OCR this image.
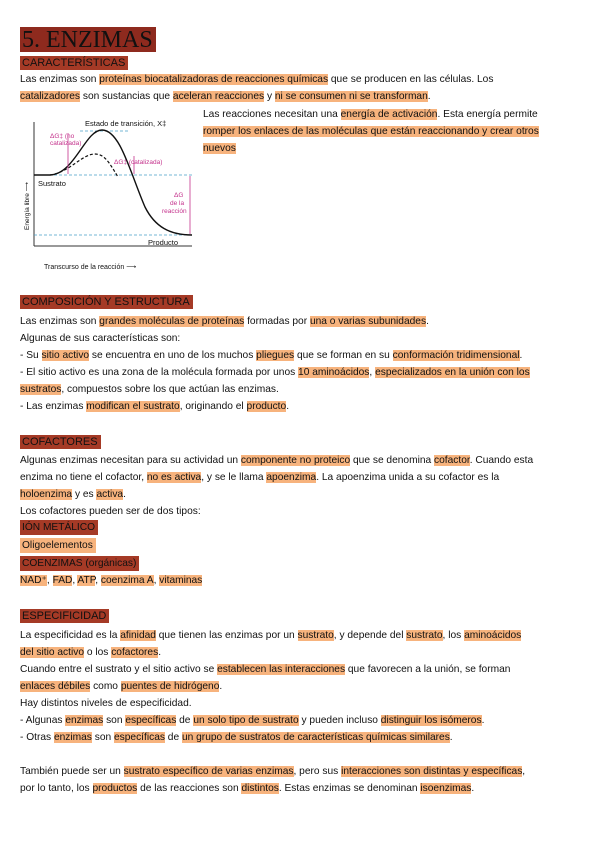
5. ENZIMAS
CARACTERÍSTICAS
Las enzimas son proteínas biocatalizadoras de reacciones químicas que se producen en las células. Los
catalizadores son sustancias que aceleran reacciones y ni se consumen ni se transforman.
Las reacciones necesitan una energía de activación. Esta energía permite
romper los enlaces de las moléculas que están reaccionando y crear otros
nuevos
Estado de transición, X‡
ΔG‡ (no
catalizada)
ΔG‡ (catalizada)
Sustrato
ΔG
de la
reacción
Producto
Energía libre ⟶
Transcurso de la reacción ⟶
COMPOSICIÓN Y ESTRUCTURA
Las enzimas son grandes moléculas de proteínas formadas por una o varias subunidades.
Algunas de sus características son:
- Su sitio activo se encuentra en uno de los muchos pliegues que se forman en su conformación tridimensional.
- El sitio activo es una zona de la molécula formada por unos 10 aminoácidos, especializados en la unión con los
sustratos, compuestos sobre los que actúan las enzimas.
- Las enzimas modifican el sustrato, originando el producto.
COFACTORES
Algunas enzimas necesitan para su actividad un componente no proteico que se denomina cofactor. Cuando esta
enzima no tiene el cofactor, no es activa, y se le llama apoenzima. La apoenzima unida a su cofactor es la
holoenzima y es activa.
Los cofactores pueden ser de dos tipos:
IÓN METÁLICO
Oligoelementos
COENZIMAS (orgánicas)
NAD⁺, FAD, ATP, coenzima A, vitaminas
ESPECIFICIDAD
La especificidad es la afinidad que tienen las enzimas por un sustrato, y depende del sustrato, los aminoácidos
del sitio activo o los cofactores.
Cuando entre el sustrato y el sitio activo se establecen las interacciones que favorecen a la unión, se forman
enlaces débiles como puentes de hidrógeno.
Hay distintos niveles de especificidad.
- Algunas enzimas son específicas de un solo tipo de sustrato y pueden incluso distinguir los isómeros.
- Otras enzimas son específicas de un grupo de sustratos de características químicas similares.
También puede ser un sustrato específico de varias enzimas, pero sus interacciones son distintas y específicas,
por lo tanto, los productos de las reacciones son distintos. Estas enzimas se denominan isoenzimas.
